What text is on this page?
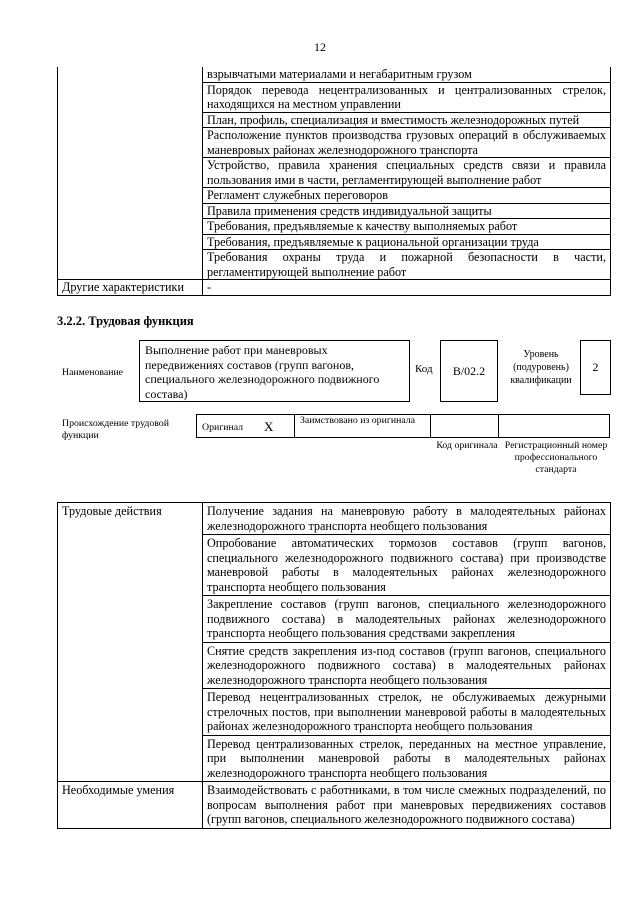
12
	взрывчатыми материалами и негабаритным грузом
	Порядок перевода нецентрализованных и централизованных стрелок, находящихся на местном управлении
	План, профиль, специализация и вместимость железнодорожных путей
	Расположение пунктов производства грузовых операций в обслуживаемых маневровых районах железнодорожного транспорта
	Устройство, правила хранения специальных средств связи и правила пользования ими в части, регламентирующей выполнение работ
	Регламент служебных переговоров
	Правила применения средств индивидуальной защиты
	Требования, предъявляемые к качеству выполняемых работ
	Требования, предъявляемые к рациональной организации труда
	Требования охраны труда и пожарной безопасности в части, регламентирующей выполнение работ
Другие характеристики	-
3.2.2. Трудовая функция
Наименование
Выполнение работ при маневровых передвижениях составов (групп вагонов, специального железнодорожного подвижного состава)
Код	B/02.2
Уровень (подуровень) квалификации
2
Происхождение трудовой функции
Оригинал X	Заимствовано из оригинала
Код оригинала Регистрационный номер профессионального стандарта
Трудовые действия	Получение задания на маневровую работу в малодеятельных районах железнодорожного транспорта необщего пользования
	Опробование автоматических тормозов составов (групп вагонов, специального железнодорожного подвижного состава) при производстве маневровой работы в малодеятельных районах железнодорожного транспорта необщего пользования
	Закрепление составов (групп вагонов, специального железнодорожного подвижного состава) в малодеятельных районах железнодорожного транспорта необщего пользования средствами закрепления
	Снятие средств закрепления из-под составов (групп вагонов, специального железнодорожного подвижного состава) в малодеятельных районах железнодорожного транспорта необщего пользования
	Перевод нецентрализованных стрелок, не обслуживаемых дежурными стрелочных постов, при выполнении маневровой работы в малодеятельных районах железнодорожного транспорта необщего пользования
	Перевод централизованных стрелок, переданных на местное управление, при выполнении маневровой работы в малодеятельных районах железнодорожного транспорта необщего пользования
Необходимые умения	Взаимодействовать с работниками, в том числе смежных подразделений, по вопросам выполнения работ при маневровых передвижениях составов (групп вагонов, специального железнодорожного подвижного состава)
